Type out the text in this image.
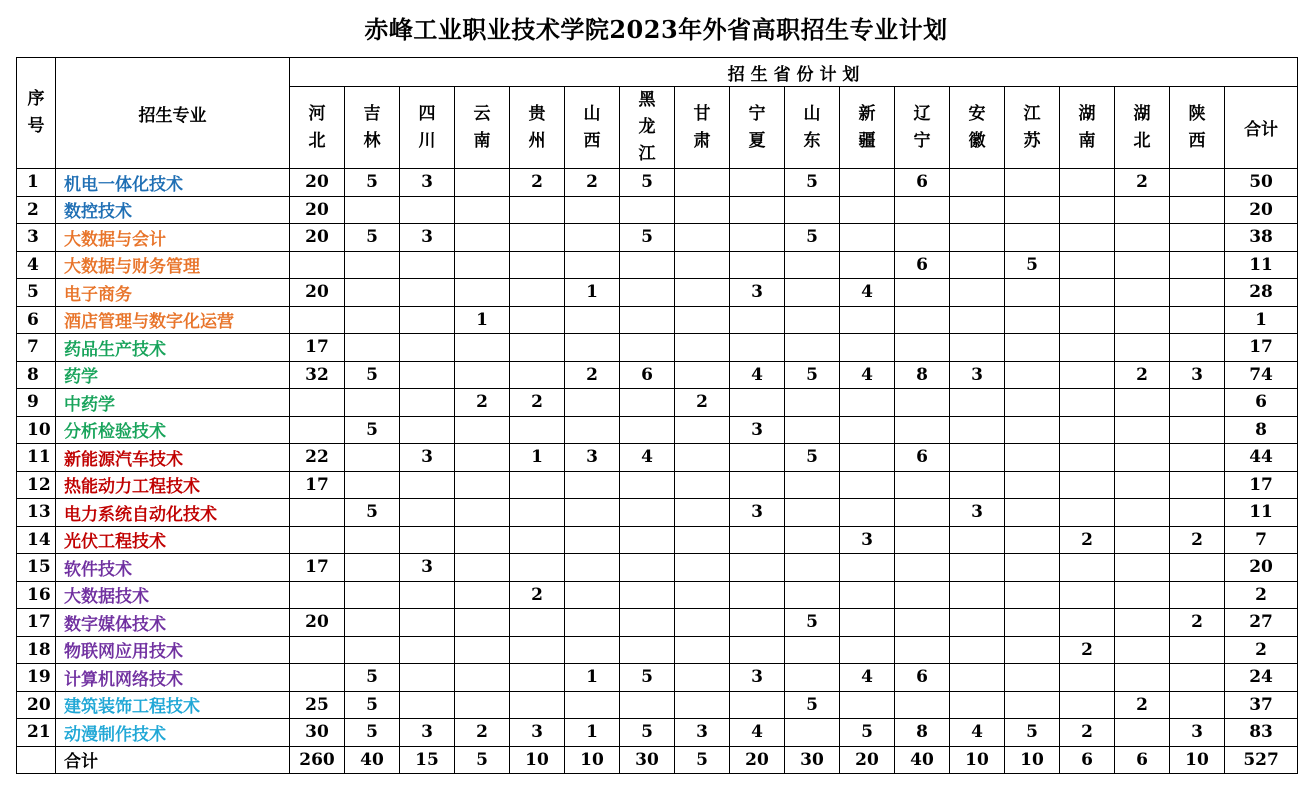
赤峰工业职业技术学院2023年外省高职招生专业计划
序号	招生专业	招 生 省 份 计 划																	
		河北	吉林	四川	云南	贵州	山西	黑龙江	甘肃	宁夏	山东	新疆	辽宁	安徽	江苏	湖南	湖北	陕西	合计
1	机电一体化技术	20	5	3		2	2	5			5		6				2		50
2	数控技术	20																	20
3	大数据与会计	20	5	3				5			5								38
4	大数据与财务管理												6		5				11
5	电子商务	20					1			3		4							28
6	酒店管理与数字化运营				1														1
7	药品生产技术	17																	17
8	药学	32	5				2	6		4	5	4	8	3			2	3	74
9	中药学				2	2			2										6
10	分析检验技术		5							3									8
11	新能源汽车技术	22		3		1	3	4			5		6						44
12	热能动力工程技术	17																	17
13	电力系统自动化技术		5							3				3					11
14	光伏工程技术											3				2		2	7
15	软件技术	17		3															20
16	大数据技术					2													2
17	数字媒体技术	20									5							2	27
18	物联网应用技术															2			2
19	计算机网络技术		5				1	5		3		4	6						24
20	建筑装饰工程技术	25	5								5						2		37
21	动漫制作技术	30	5	3	2	3	1	5	3	4		5	8	4	5	2		3	83
	合计	260	40	15	5	10	10	30	5	20	30	20	40	10	10	6	6	10	527
